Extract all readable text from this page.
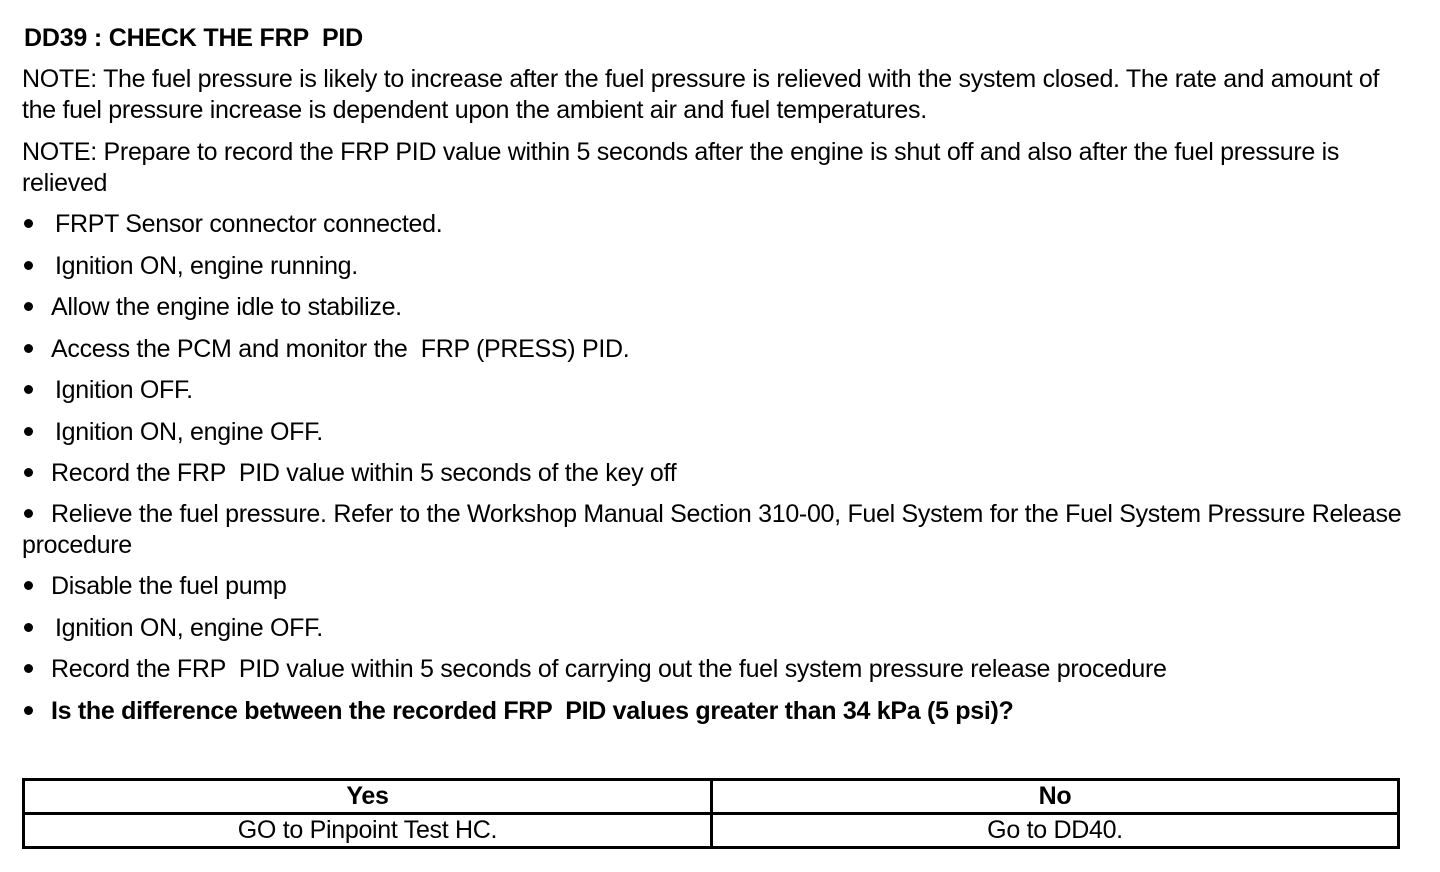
DD39 : CHECK THE FRP  PID
NOTE: The fuel pressure is likely to increase after the fuel pressure is relieved with the system closed. The rate and amount of the fuel pressure increase is dependent upon the ambient air and fuel temperatures.
NOTE: Prepare to record the FRP PID value within 5 seconds after the engine is shut off and also after the fuel pressure is relieved
FRPT Sensor connector connected.
Ignition ON, engine running.
Allow the engine idle to stabilize.
Access the PCM and monitor the  FRP (PRESS) PID.
Ignition OFF.
Ignition ON, engine OFF.
Record the FRP  PID value within 5 seconds of the key off
Relieve the fuel pressure. Refer to the Workshop Manual Section 310-00, Fuel System for the Fuel System Pressure Release procedure
Disable the fuel pump
Ignition ON, engine OFF.
Record the FRP  PID value within 5 seconds of carrying out the fuel system pressure release procedure
Is the difference between the recorded FRP  PID values greater than 34 kPa (5 psi)?
Yes	No
GO to Pinpoint Test HC.	Go to DD40.
